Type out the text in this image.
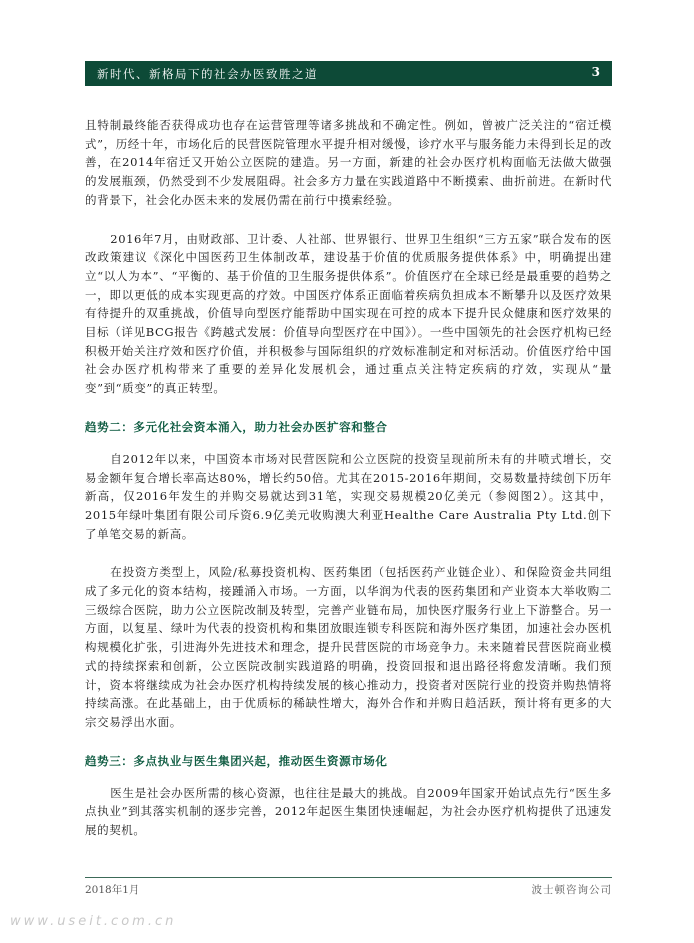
新时代、新格局下的社会办医致胜之道	3

且特制最终能否获得成功也存在运营管理等诸多挑战和不确定性。例如，曾被广泛关注的“宿迁模式”，历经十年，市场化后的民营医院管理水平提升相对缓慢，诊疗水平与服务能力未得到长足的改善，在2014年宿迁又开始公立医院的建造。另一方面，新建的社会办医疗机构面临无法做大做强的发展瓶颈，仍然受到不少发展阻碍。社会多方力量在实践道路中不断摸索、曲折前进。在新时代的背景下，社会化办医未来的发展仍需在前行中摸索经验。

2016年7月，由财政部、卫计委、人社部、世界银行、世界卫生组织“三方五家”联合发布的医改政策建议《深化中国医药卫生体制改革，建设基于价值的优质服务提供体系》中，明确提出建立“以人为本”、“平衡的、基于价值的卫生服务提供体系”。价值医疗在全球已经是最重要的趋势之一，即以更低的成本实现更高的疗效。中国医疗体系正面临着疾病负担成本不断攀升以及医疗效果有待提升的双重挑战，价值导向型医疗能帮助中国实现在可控的成本下提升民众健康和医疗效果的目标（详见BCG报告《跨越式发展：价值导向型医疗在中国》）。一些中国领先的社会医疗机构已经积极开始关注疗效和医疗价值，并积极参与国际组织的疗效标准制定和对标活动。价值医疗给中国社会办医疗机构带来了重要的差异化发展机会，通过重点关注特定疾病的疗效，实现从“量变”到“质变”的真正转型。

趋势二：多元化社会资本涌入，助力社会办医扩容和整合

自2012年以来，中国资本市场对民营医院和公立医院的投资呈现前所未有的井喷式增长，交易金额年复合增长率高达80%，增长约50倍。尤其在2015-2016年期间，交易数量持续创下历年新高，仅2016年发生的并购交易就达到31笔，实现交易规模20亿美元（参阅图2）。这其中，2015年绿叶集团有限公司斥资6.9亿美元收购澳大利亚Healthe Care Australia Pty Ltd.创下了单笔交易的新高。

在投资方类型上，风险/私募投资机构、医药集团（包括医药产业链企业）、和保险资金共同组成了多元化的资本结构，接踵涌入市场。一方面，以华润为代表的医药集团和产业资本大举收购二三级综合医院，助力公立医院改制及转型，完善产业链布局，加快医疗服务行业上下游整合。另一方面，以复星、绿叶为代表的投资机构和集团放眼连锁专科医院和海外医疗集团，加速社会办医机构规模化扩张，引进海外先进技术和理念，提升民营医院的市场竞争力。未来随着民营医院商业模式的持续探索和创新，公立医院改制实践道路的明确，投资回报和退出路径将愈发清晰。我们预计，资本将继续成为社会办医疗机构持续发展的核心推动力，投资者对医院行业的投资并购热情将持续高涨。在此基础上，由于优质标的稀缺性增大，海外合作和并购日趋活跃，预计将有更多的大宗交易浮出水面。

趋势三：多点执业与医生集团兴起，推动医生资源市场化

医生是社会办医所需的核心资源，也往往是最大的挑战。自2009年国家开始试点先行“医生多点执业”到其落实机制的逐步完善，2012年起医生集团快速崛起，为社会办医疗机构提供了迅速发展的契机。

2018年1月	波士顿咨询公司
www.useit.com.cn
